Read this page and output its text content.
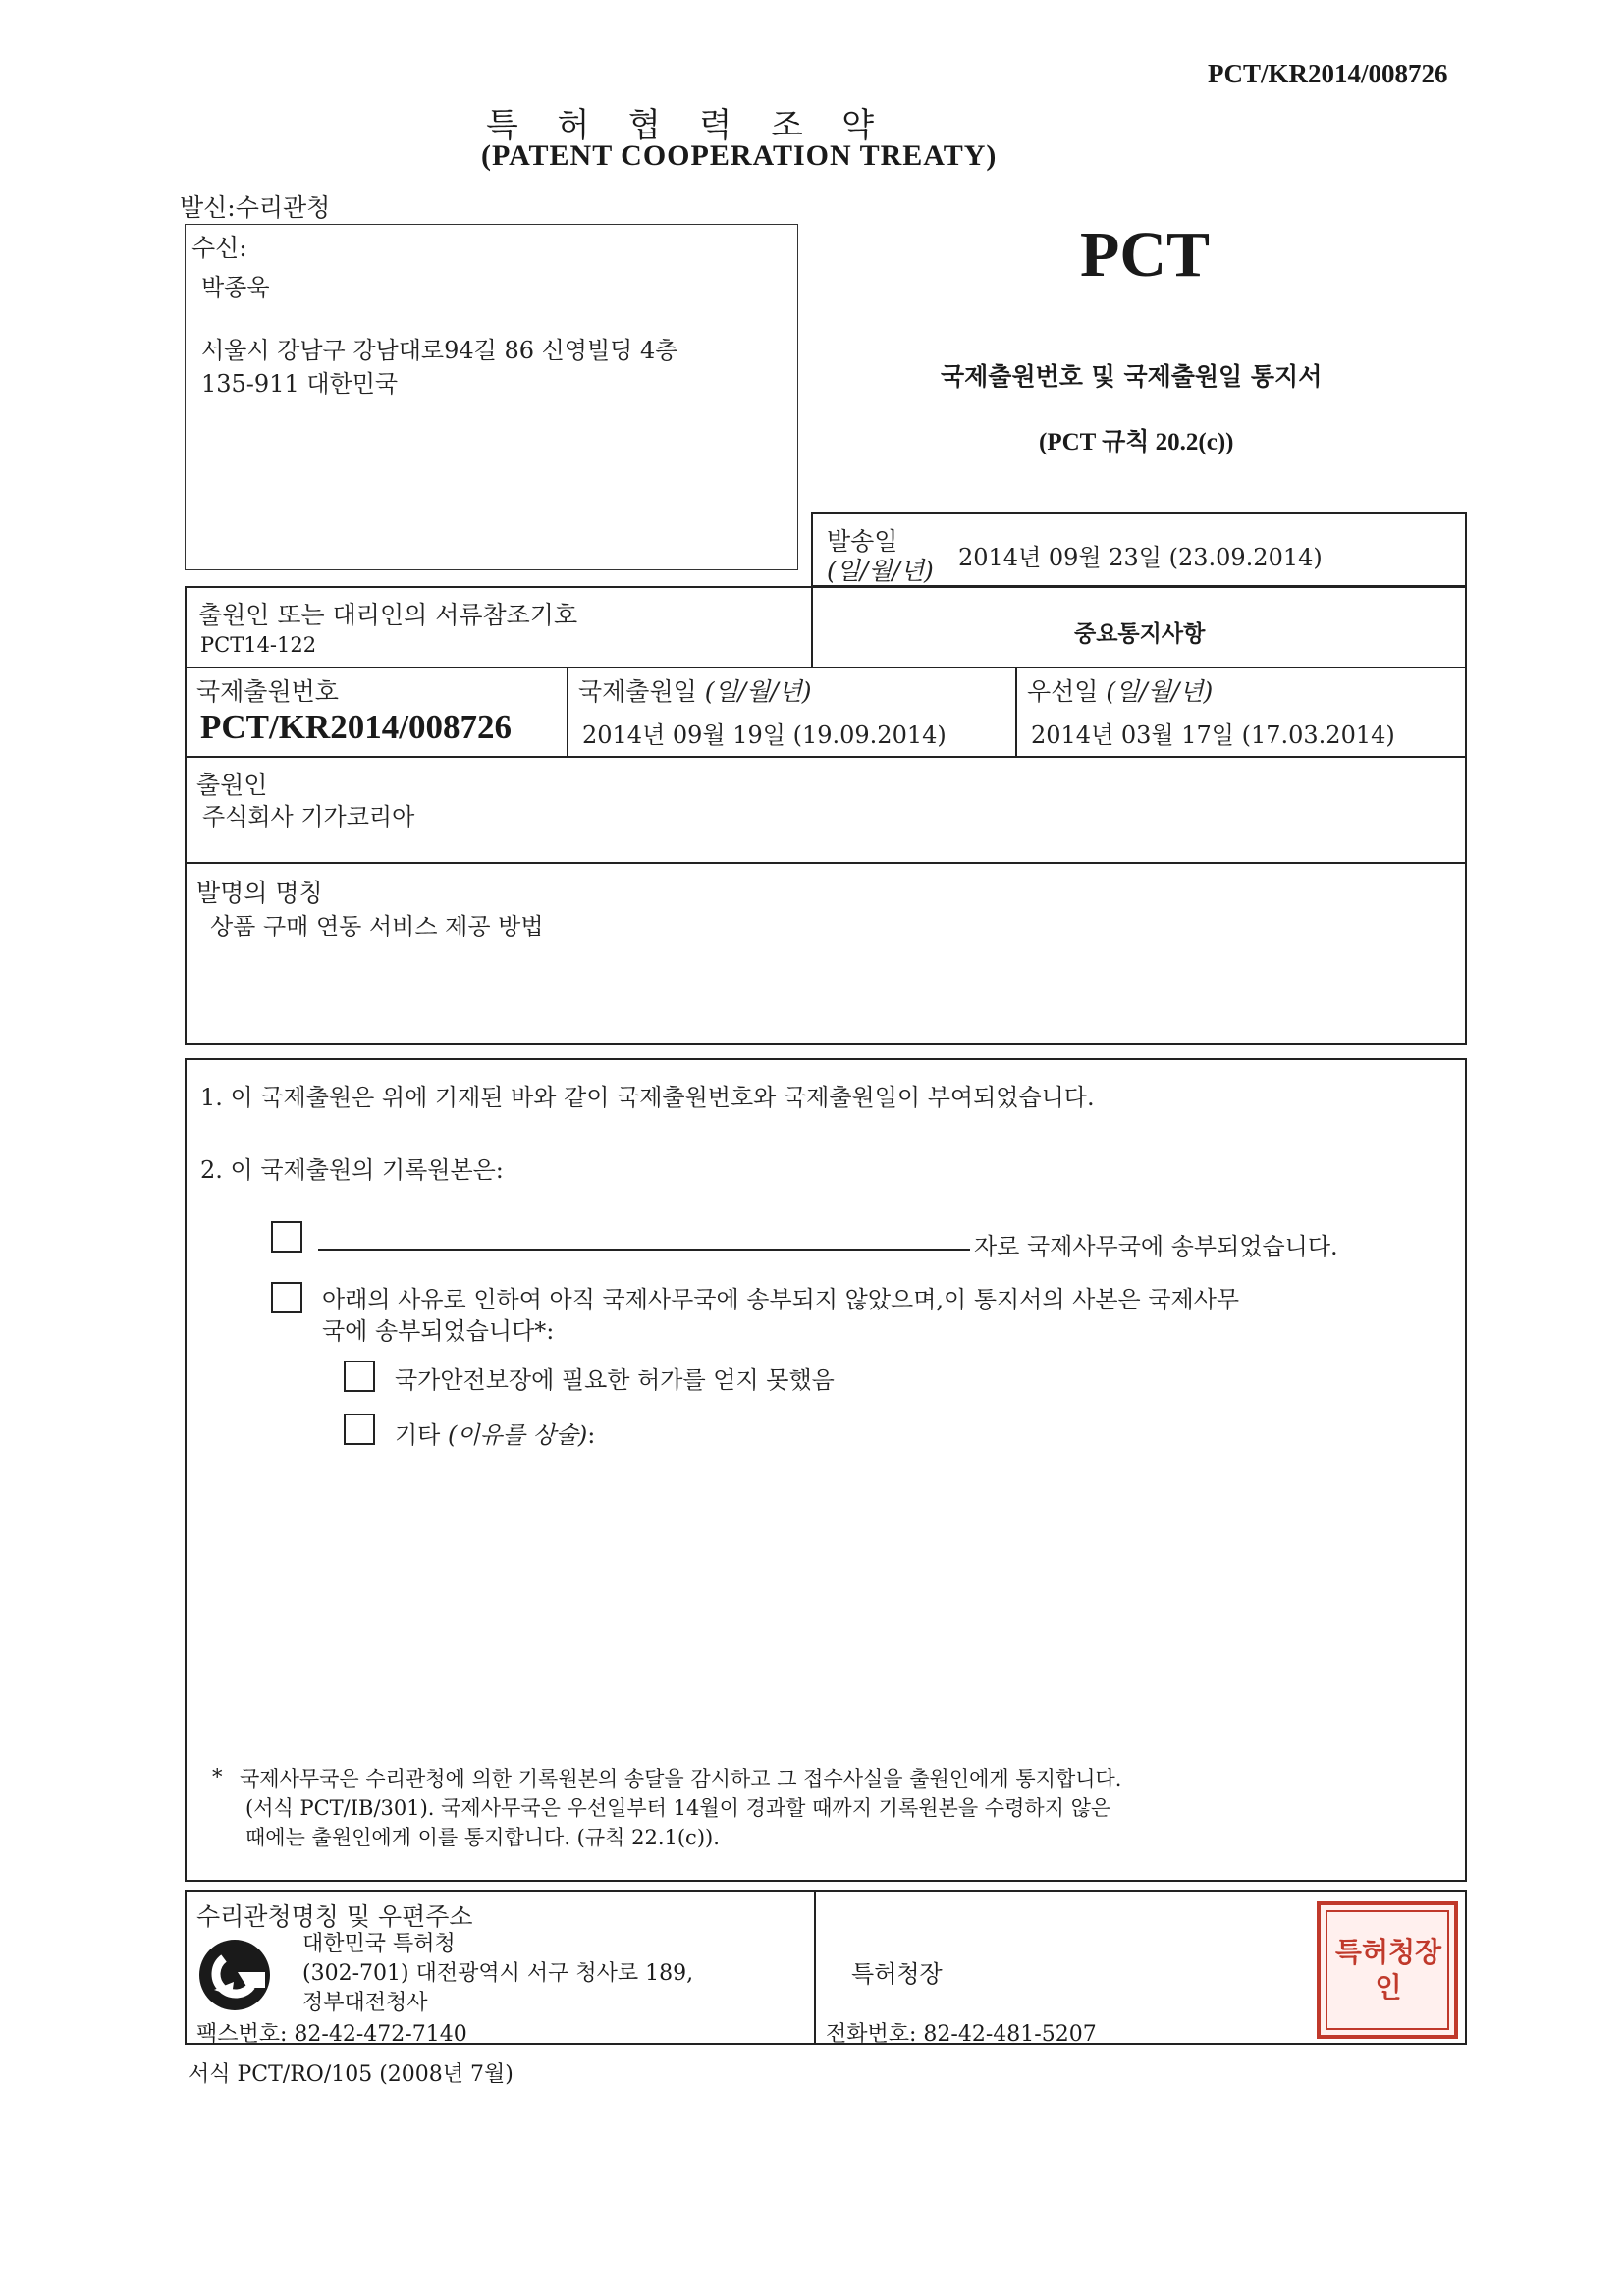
PCT/KR2014/008726
특  허  협  력  조  약
(PATENT COOPERATION TREATY)
발신:수리관청
수신:
박종욱
서울시 강남구 강남대로94길 86 신영빌딩 4층
135-911 대한민국
PCT
국제출원번호 및 국제출원일 통지서
(PCT 규칙 20.2(c))
발송일
(일/월/년) 2014년 09월 23일 (23.09.2014)
출원인 또는 대리인의 서류참조기호
PCT14-122	중요통지사항
국제출원번호
PCT/KR2014/008726
국제출원일 (일/월/년)
2014년 09월 19일 (19.09.2014)
우선일 (일/월/년)
2014년 03월 17일 (17.03.2014)
출원인
주식회사 기가코리아
발명의 명칭
상품 구매 연동 서비스 제공 방법
1. 이 국제출원은 위에 기재된 바와 같이 국제출원번호와 국제출원일이 부여되었습니다.
2. 이 국제출원의 기록원본은:
자로 국제사무국에 송부되었습니다.
아래의 사유로 인하여 아직 국제사무국에 송부되지 않았으며,이 통지서의 사본은 국제사무
국에 송부되었습니다*:
국가안전보장에 필요한 허가를 얻지 못했음
기타 (이유를 상술):
* 국제사무국은 수리관청에 의한 기록원본의 송달을 감시하고 그 접수사실을 출원인에게 통지합니다.
(서식 PCT/IB/301). 국제사무국은 우선일부터 14월이 경과할 때까지 기록원본을 수령하지 않은
때에는 출원인에게 이를 통지합니다. (규칙 22.1(c)).
수리관청명칭 및 우편주소
대한민국 특허청
(302-701) 대전광역시 서구 청사로 189,
정부대전청사
팩스번호: 82-42-472-7140
특허청장
전화번호: 82-42-481-5207
특허청장인
서식 PCT/RO/105 (2008년 7월)
